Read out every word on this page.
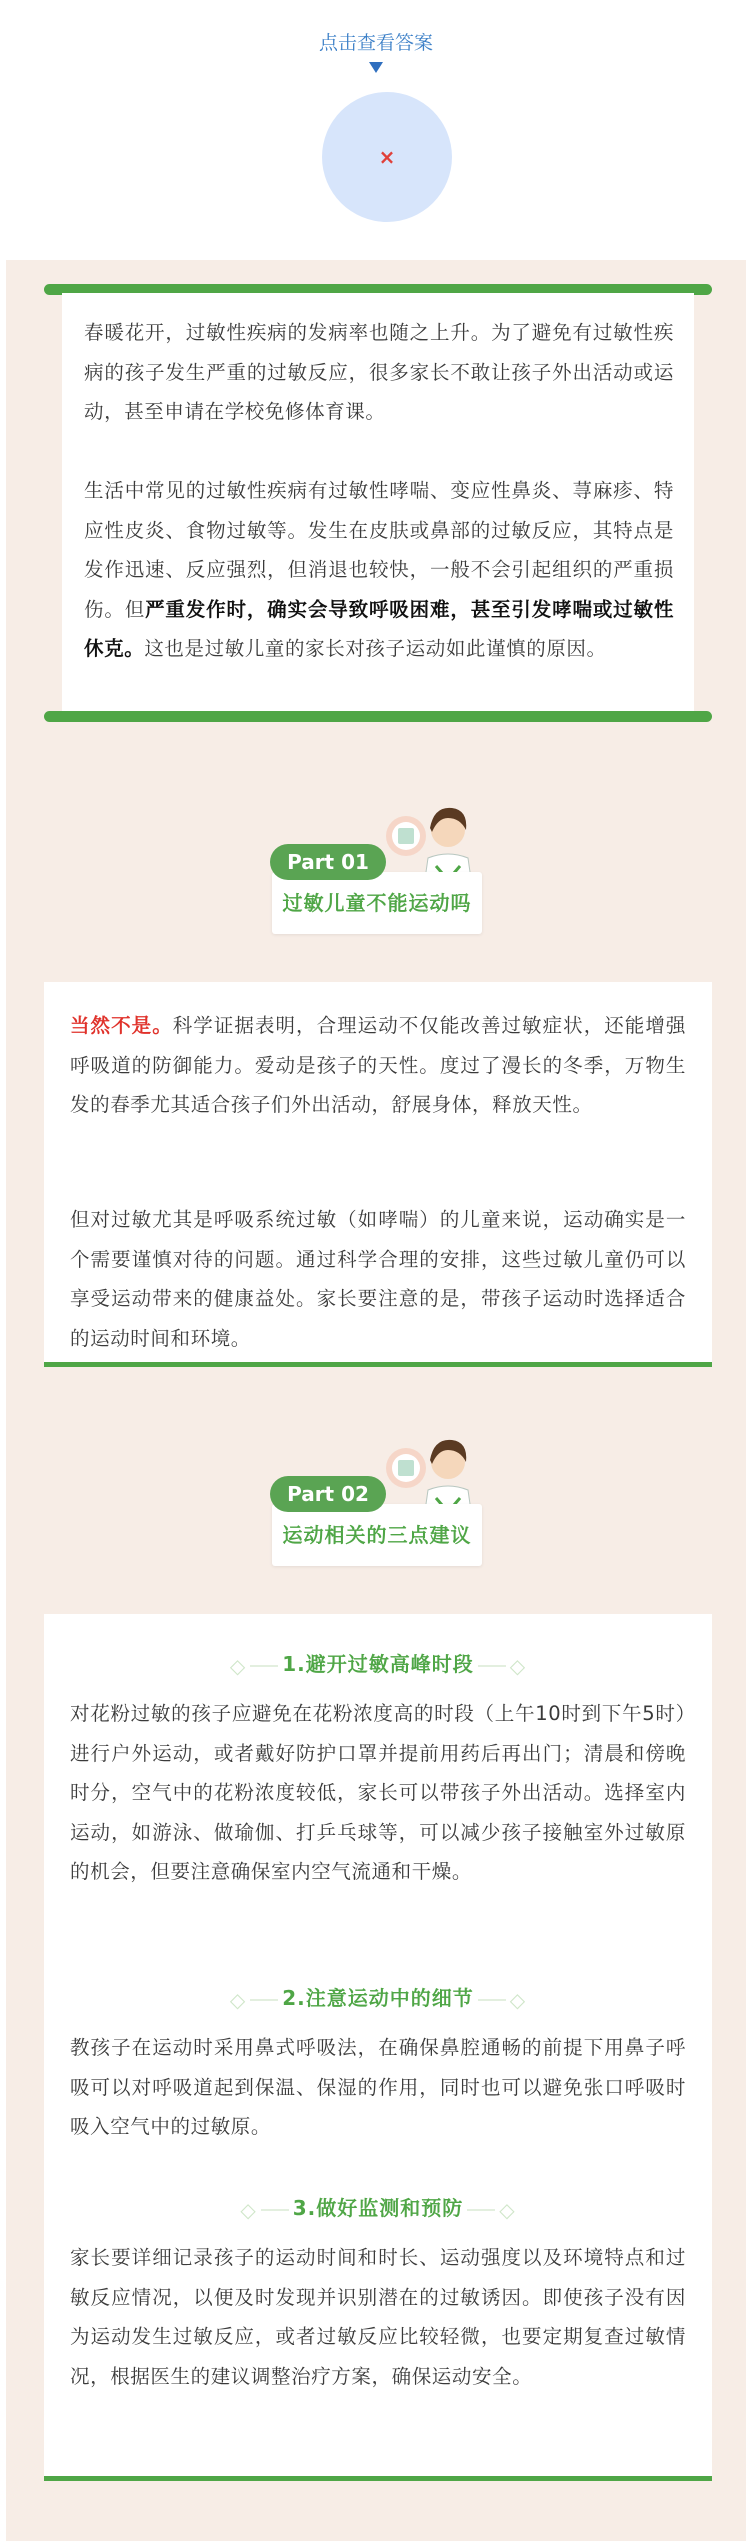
点击查看答案
×
春暖花开，过敏性疾病的发病率也随之上升。为了避免有过敏性疾病的孩子发生严重的过敏反应，很多家长不敢让孩子外出活动或运动，甚至申请在学校免修体育课。
生活中常见的过敏性疾病有过敏性哮喘、变应性鼻炎、荨麻疹、特应性皮炎、食物过敏等。发生在皮肤或鼻部的过敏反应，其特点是发作迅速、反应强烈，但消退也较快，一般不会引起组织的严重损伤。但严重发作时，确实会导致呼吸困难，甚至引发哮喘或过敏性休克。这也是过敏儿童的家长对孩子运动如此谨慎的原因。
过敏儿童不能运动吗
Part 01
当然不是。科学证据表明，合理运动不仅能改善过敏症状，还能增强呼吸道的防御能力。爱动是孩子的天性。度过了漫长的冬季，万物生发的春季尤其适合孩子们外出活动，舒展身体，释放天性。
但对过敏尤其是呼吸系统过敏（如哮喘）的儿童来说，运动确实是一个需要谨慎对待的问题。通过科学合理的安排，这些过敏儿童仍可以享受运动带来的健康益处。家长要注意的是，带孩子运动时选择适合的运动时间和环境。
运动相关的三点建议
Part 02
◇ 1.避开过敏高峰时段 ◇
对花粉过敏的孩子应避免在花粉浓度高的时段（上午10时到下午5时）进行户外运动，或者戴好防护口罩并提前用药后再出门；清晨和傍晚时分，空气中的花粉浓度较低，家长可以带孩子外出活动。选择室内运动，如游泳、做瑜伽、打乒乓球等，可以减少孩子接触室外过敏原的机会，但要注意确保室内空气流通和干燥。
◇ 2.注意运动中的细节 ◇
教孩子在运动时采用鼻式呼吸法，在确保鼻腔通畅的前提下用鼻子呼吸可以对呼吸道起到保温、保湿的作用，同时也可以避免张口呼吸时吸入空气中的过敏原。
◇ 3.做好监测和预防 ◇
家长要详细记录孩子的运动时间和时长、运动强度以及环境特点和过敏反应情况，以便及时发现并识别潜在的过敏诱因。即使孩子没有因为运动发生过敏反应，或者过敏反应比较轻微，也要定期复查过敏情况，根据医生的建议调整治疗方案，确保运动安全。
